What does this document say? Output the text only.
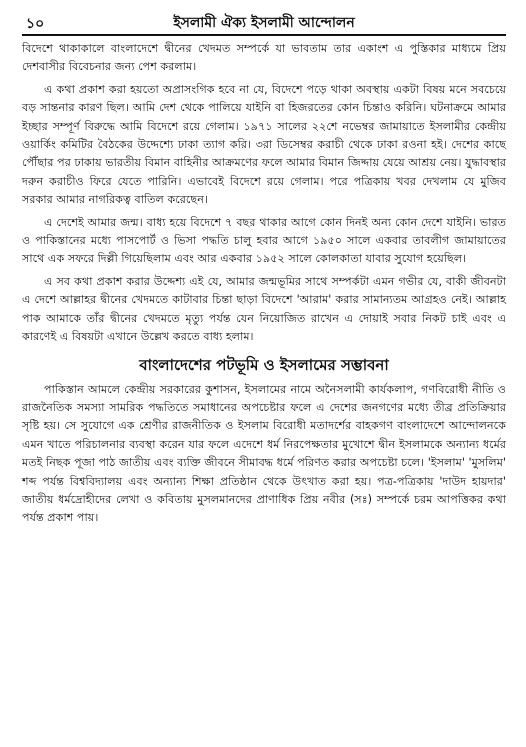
১০	ইসলামী ঐক্য ইসলামী আন্দোলন

বিদেশে থাকাকালে বাংলাদেশে দ্বীনের খেদমত সম্পর্কে যা ভাবতাম তার একাংশ এ পুস্তিকার মাধ্যমে প্রিয় দেশবাসীর বিবেচনার জন্য পেশ করলাম।

এ কথা প্রকাশ করা হয়তো অপ্রাসংগিক হবে না যে, বিদেশে পড়ে থাকা অবস্থায় একটা বিষয় মনে সবচেয়ে বড় সান্তনার কারণ ছিল। আমি দেশ থেকে পালিয়ে যাইনি বা হিজরতের কোন চিন্তাও করিনি। ঘটনাক্রমে আমার ইচ্ছার সম্পূর্ণ বিরুদ্ধে আমি বিদেশে রয়ে গেলাম। ১৯৭১ সালের ২২শে নভেম্বর জামায়াতে ইসলামীর কেন্দ্রীয় ওয়ার্কিং কমিটির বৈঠকের উদ্দেশ্যে ঢাকা ত্যাগ করি। ৩রা ডিসেম্বর করাচী থেকে ঢাকা রওনা হই। দেশের কাছে পৌঁছার পর ঢাকায় ভারতীয় বিমান বাহিনীর আক্রমণের ফলে আমার বিমান জিদ্দায় যেয়ে আশ্রয় নেয়। যুদ্ধাবস্থার দরুন করাচীও ফিরে যেতে পারিনি। এভাবেই বিদেশে রয়ে গেলাম। পরে পত্রিকায় খবর দেখলাম যে মুজিব সরকার আমার নাগরিকত্ব বাতিল করেছেন।

এ দেশেই আমার জন্ম। বাধ্য হয়ে বিদেশে ৭ বছর থাকার আগে কোন দিনই অন্য কোন দেশে যাইনি। ভারত ও পাকিস্তানের মধ্যে পাসপোর্ট ও ভিসা পদ্ধতি চালু হবার আগে ১৯৫০ সালে একবার তাবলীগ জামায়াতের সাথে এক সফরে দিল্লী গিয়েছিলাম এবং আর একবার ১৯৫২ সালে কোলকাতা যাবার সুযোগ হয়েছিল।

এ সব কথা প্রকাশ করার উদ্দেশ্য এই যে, আমার জন্মভূমির সাথে সম্পর্কটা এমন গভীর যে, বাকী জীবনটা এ দেশে আল্লাহর দ্বীনের খেদমতে কাটাবার চিন্তা ছাড়া বিদেশে 'আরাম' করার সামান্যতম আগ্রহও নেই। আল্লাহ পাক আমাকে তাঁর দ্বীনের খেদমতে মৃত্যু পর্যন্ত যেন নিয়োজিত রাখেন এ দোয়াই সবার নিকট চাই এবং এ কারণেই এ বিষয়টা এখানে উল্লেখ করতে বাধ্য হলাম।

বাংলাদেশের পটভূমি ও ইসলামের সম্ভাবনা

পাকিস্তান আমলে কেন্দ্রীয় সরকারের কুশাসন, ইসলামের নামে অনৈসলামী কার্যকলাপ, গণবিরোধী নীতি ও রাজনৈতিক সমস্যা সামরিক পদ্ধতিতে সমাধানের অপচেষ্টার ফলে এ দেশের জনগণের মধ্যে তীব্র প্রতিক্রিয়ার সৃষ্টি হয়। সে সুযোগে এক শ্রেণীর রাজনীতিক ও ইসলাম বিরোধী মতাদর্শের বাহকগণ বাংলাদেশে আন্দোলনকে এমন খাতে পরিচালনার ব্যবস্থা করেন যার ফলে এদেশে ধর্ম নিরপেক্ষতার মুখোশে দ্বীন ইসলামকে অন্যান্য ধর্মের মতই নিছক পূজা পাঠ জাতীয় এবং ব্যক্তি জীবনে সীমাবদ্ধ ধর্মে পরিণত করার অপচেষ্টা চলে। 'ইসলাম' 'মুসলিম' শব্দ পর্যন্ত বিশ্ববিদ্যালয় এবং অন্যান্য শিক্ষা প্রতিষ্ঠান থেকে উৎখাত করা হয়। পত্র-পত্রিকায় 'দাউদ হায়দার' জাতীয় ধর্মদ্রোহীদের লেখা ও কবিতায় মুসলমানদের প্রাণাধিক প্রিয় নবীর (সঃ) সম্পর্কে চরম আপত্তিকর কথা পর্যন্ত প্রকাশ পায়।
